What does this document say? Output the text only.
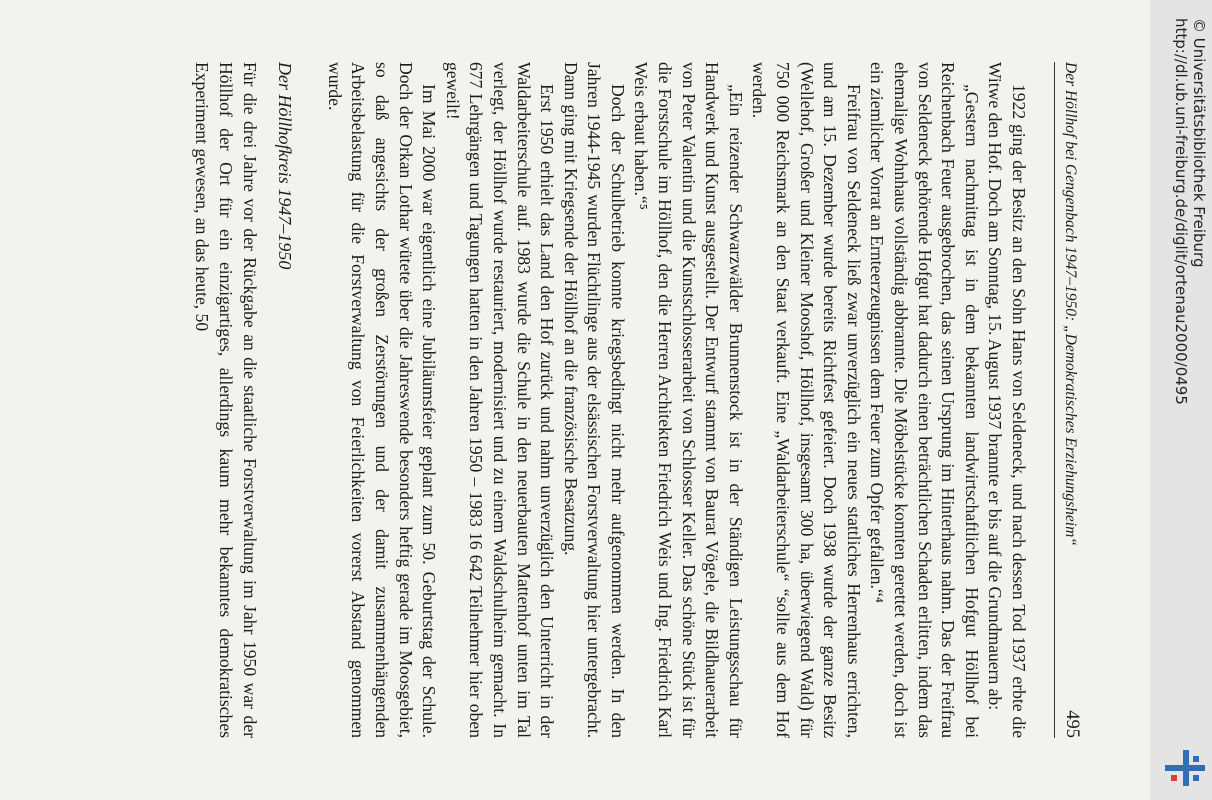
Der Höllhof bei Gengenbach 1947–1950: „Demokratisches Erziehungsheim“
495

1922 ging der Besitz an den Sohn Hans von Seldeneck, und nach dessen Tod 1937 erbte die Witwe den Hof. Doch am Sonntag, 15. August 1937 brannte er bis auf die Grundmauern ab:

„Gestern nachmittag ist in dem bekannten landwirtschaftlichen Hofgut Höllhof bei Reichenbach Feuer ausgebrochen, das seinen Ursprung im Hinterhaus nahm. Das der Freifrau von Seldeneck gehörende Hofgut hat dadurch einen beträchtlichen Schaden erlitten, indem das ehemalige Wohnhaus vollständig abbrannte. Die Möbelstücke konnten gerettet werden, doch ist ein ziemlicher Vorrat an Ernteerzeugnissen dem Feuer zum Opfer gefallen.“⁴

Freifrau von Seldeneck ließ zwar unverzüglich ein neues stattliches Herrenhaus errichten, und am 15. Dezember wurde bereits Richtfest gefeiert. Doch 1938 wurde der ganze Besitz (Wellehof, Großer und Kleiner Mooshof, Höllhof, insgesamt 300 ha, überwiegend Wald) für 750 000 Reichsmark an den Staat verkauft. Eine „Waldarbeiterschule“ “sollte aus dem Hof werden.

„Ein reizender Schwarzwälder Brunnenstock ist in der Ständigen Leistungsschau für Handwerk und Kunst ausgestellt. Der Entwurf stammt von Baurat Vögele, die Bildhauerarbeit von Peter Valentin und die Kunstschlosserarbeit von Schlosser Keller. Das schöne Stück ist für die Forstschule im Höllhof, den die Herren Architekten Friedrich Weis und Ing. Friedrich Karl Weis erbaut haben.“⁵

Doch der Schulbetrieb konnte kriegsbedingt nicht mehr aufgenommen werden. In den Jahren 1944-1945 wurden Flüchtlinge aus der elsässischen Forstverwaltung hier untergebracht. Dann ging mit Kriegsende der Höllhof an die französische Besatzung.

Erst 1950 erhielt das Land den Hof zurück und nahm unverzüglich den Unterricht in der Waldarbeiterschule auf. 1983 wurde die Schule in den neuerbauten Mattenhof unten im Tal verlegt, der Höllhof wurde restauriert, modernisiert und zu einem Waldschulheim gemacht. In 677 Lehrgängen und Tagungen hatten in den Jahren 1950 – 1983 16 642 Teilnehmer hier oben geweilt!

Im Mai 2000 war eigentlich eine Jubiläumsfeier geplant zum 50. Geburtstag der Schule. Doch der Orkan Lothar wütete über die Jahreswende besonders heftig gerade im Moosgebiet, so daß angesichts der großen Zerstörungen und der damit zusammenhängenden Arbeitsbelastung für die Forstverwaltung von Feierlichkeiten vorerst Abstand genommen wurde.

Der Höllhofkreis 1947–1950

Für die drei Jahre vor der Rückgabe an die staatliche Forstverwaltung im Jahr 1950 war der Höllhof der Ort für ein einzigartiges, allerdings kaum mehr bekanntes demokratisches Experiment gewesen, an das heute, 50	http://dl.ub.uni-freiburg.de/diglit/ortenau2000/0495 © Universitätsbibliothek Freiburg
